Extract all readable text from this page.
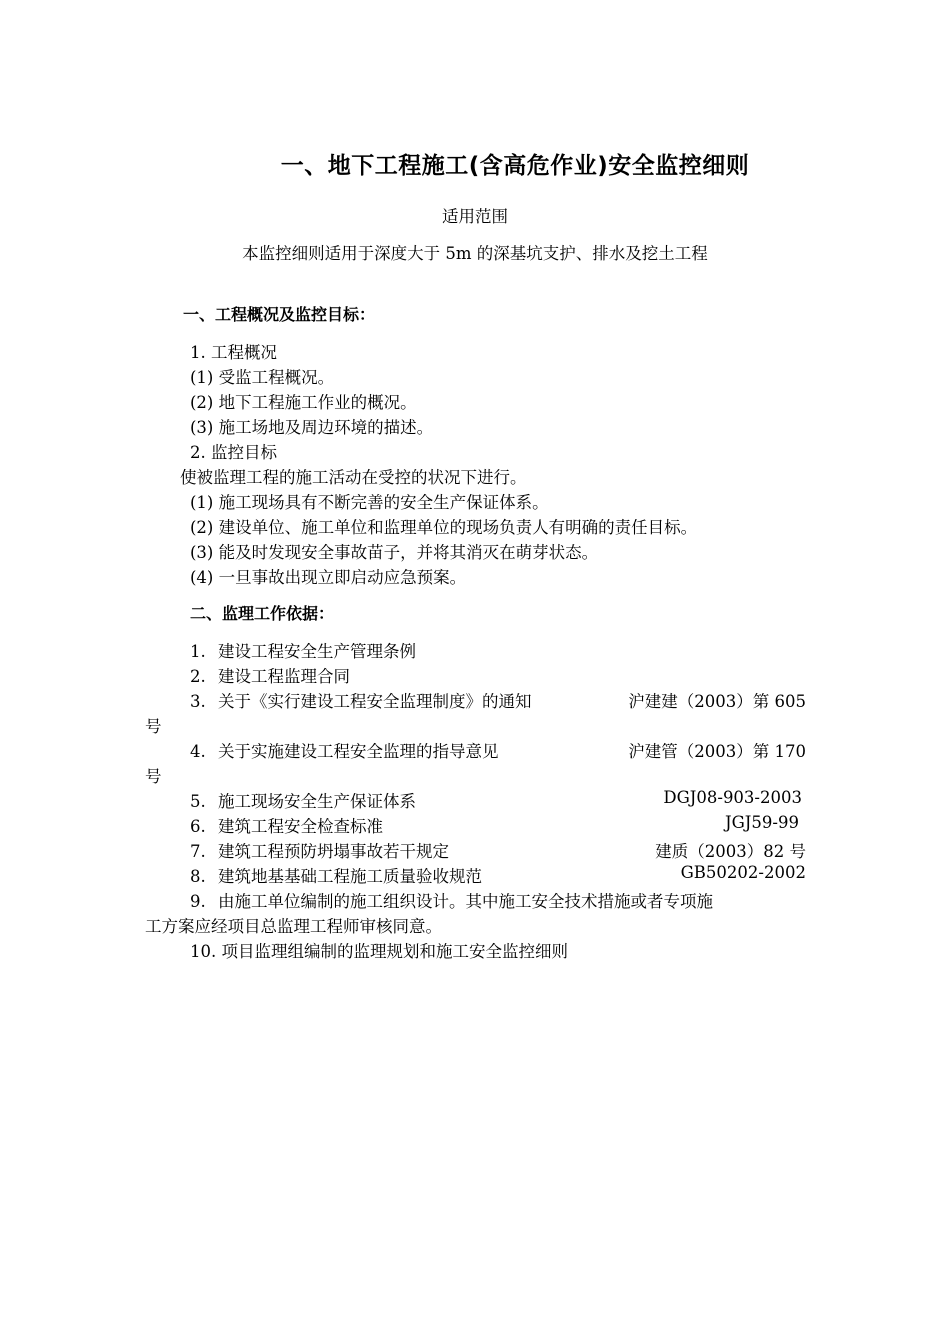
一、地下工程施工(含高危作业)安全监控细则
适用范围
本监控细则适用于深度大于 5m 的深基坑支护、排水及挖土工程
一、工程概况及监控目标：
1. 工程概况
(1) 受监工程概况。
(2) 地下工程施工作业的概况。
(3) 施工场地及周边环境的描述。
2. 监控目标
使被监理工程的施工活动在受控的状况下进行。
(1) 施工现场具有不断完善的安全生产保证体系。
(2) 建设单位、施工单位和监理单位的现场负责人有明确的责任目标。
(3) 能及时发现安全事故苗子，并将其消灭在萌芽状态。
(4) 一旦事故出现立即启动应急预案。
二、监理工作依据：
1. 建设工程安全生产管理条例
2. 建设工程监理合同
3. 关于《实行建设工程安全监理制度》的通知	沪建建（2003）第 605
号
4. 关于实施建设工程安全监理的指导意见	沪建管（2003）第 170
号
5. 施工现场安全生产保证体系	DGJ08-903-2003
6. 建筑工程安全检查标准	JGJ59-99
7. 建筑工程预防坍塌事故若干规定	建质（2003）82 号
8. 建筑地基基础工程施工质量验收规范	GB50202-2002
9. 由施工单位编制的施工组织设计。其中施工安全技术措施或者专项施
工方案应经项目总监理工程师审核同意。
10. 项目监理组编制的监理规划和施工安全监控细则
